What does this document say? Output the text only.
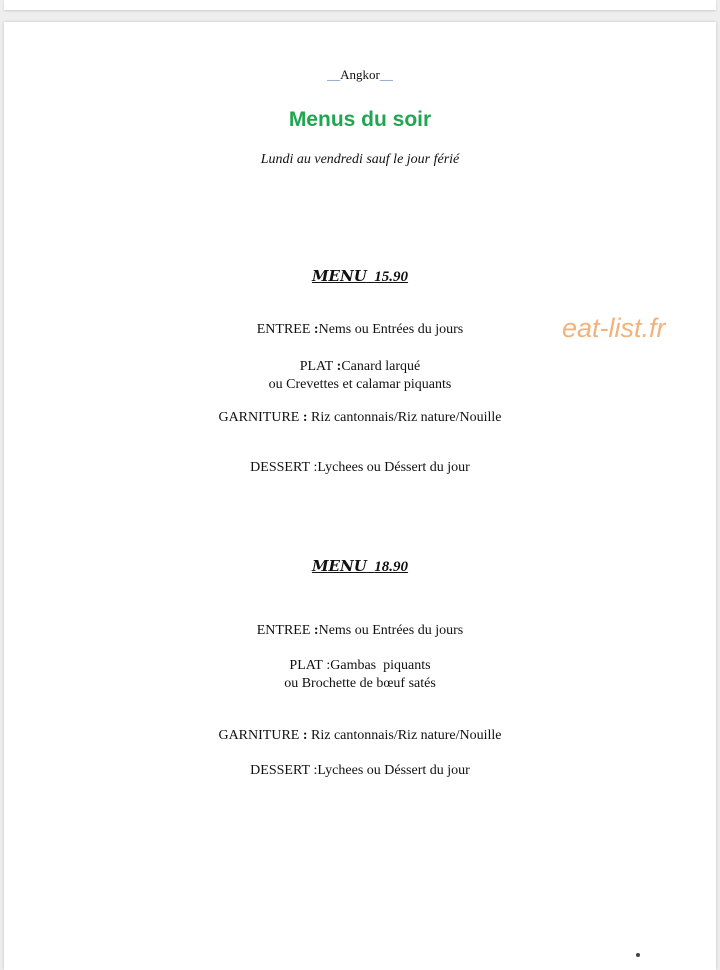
__Angkor__
Menus du soir
Lundi au vendredi sauf le jour férié
MENU 15.90
ENTREE :Nems ou Entrées du jours
PLAT :Canard larqué
ou Crevettes et calamar piquants
GARNITURE : Riz cantonnais/Riz nature/Nouille
DESSERT :Lychees ou Déssert du jour
MENU 18.90
ENTREE :Nems ou Entrées du jours
PLAT :Gambas  piquants
ou Brochette de bœuf satés
GARNITURE : Riz cantonnais/Riz nature/Nouille
DESSERT :Lychees ou Déssert du jour
eat-list.fr
